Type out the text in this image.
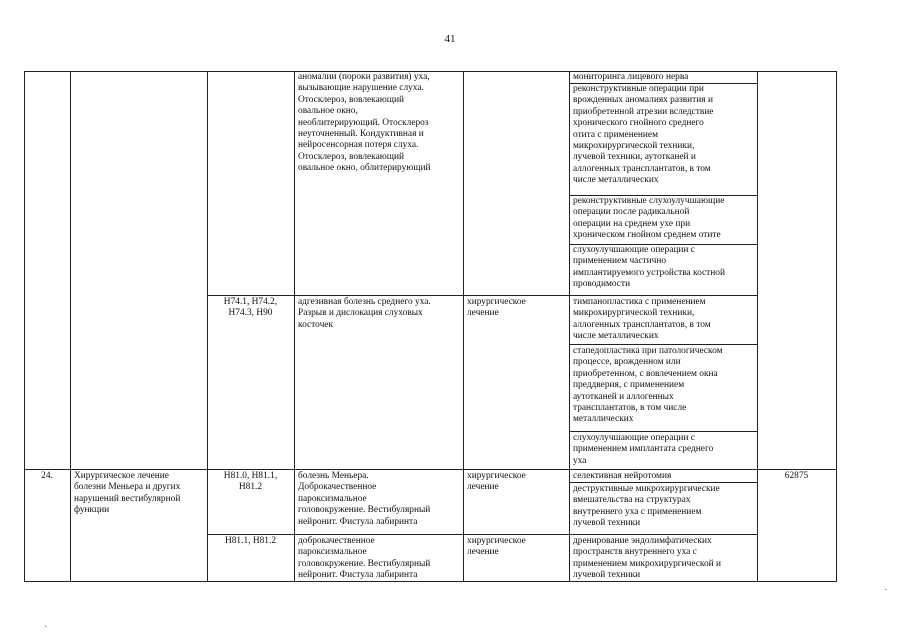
41
аномалии (пороки развития) уха,
вызывающие нарушение слуха.
Отосклероз, вовлекающий
овальное окно,
необлитерирующий. Отосклероз
неуточненный. Кондуктивная и
нейросенсорная потеря слуха.
Отосклероз, вовлекающий
овальное окно, облитерирующий
мониторинга лицевого нерва
реконструктивные операции при
врожденных аномалиях развития и
приобретенной атрезии вследствие
хронического гнойного среднего
отита с применением
микрохирургической техники,
лучевой техники, аутотканей и
аллогенных трансплантатов, в том
числе металлических
реконструктивные слухоулучшающие
операции после радикальной
операции на среднем ухе при
хроническом гнойном среднем отите
слухоулучшающие операции с
применением частично
имплантируемого устройства костной
проводимости
H74.1, H74.2,
H74.3, H90
адгезивная болезнь среднего уха.
Разрыв и дислокация слуховых
косточек
хирургическое
лечение
тимпанопластика с применением
микрохирургической техники,
аллогенных трансплантатов, в том
числе металлических
стапедопластика при патологическом
процессе, врожденном или
приобретенном, с вовлечением окна
преддверия, с применением
аутотканей и аллогенных
трансплантатов, в том числе
металлических
слухоулучшающие операции с
применением имплантата среднего
уха
24.	Хирургическое лечение
болезни Меньера и других
нарушений вестибулярной
функции
H81.0, H81.1,
H81.2
болезнь Меньера.
Доброкачественное
пароксизмальное
головокружение. Вестибулярный
нейронит. Фистула лабиринта
хирургическое
лечение
селективная нейротомия
деструктивные микрохирургические
вмешательства на структурах
внутреннего уха с применением
лучевой техники
62875
H81.1, H81.2	доброкачественное
пароксизмальное
головокружение. Вестибулярный
нейронит. Фистула лабиринта
хирургическое
лечение
дренирование эндолимфатических
пространств внутреннего уха с
применением микрохирургической и
лучевой техники
·
·
